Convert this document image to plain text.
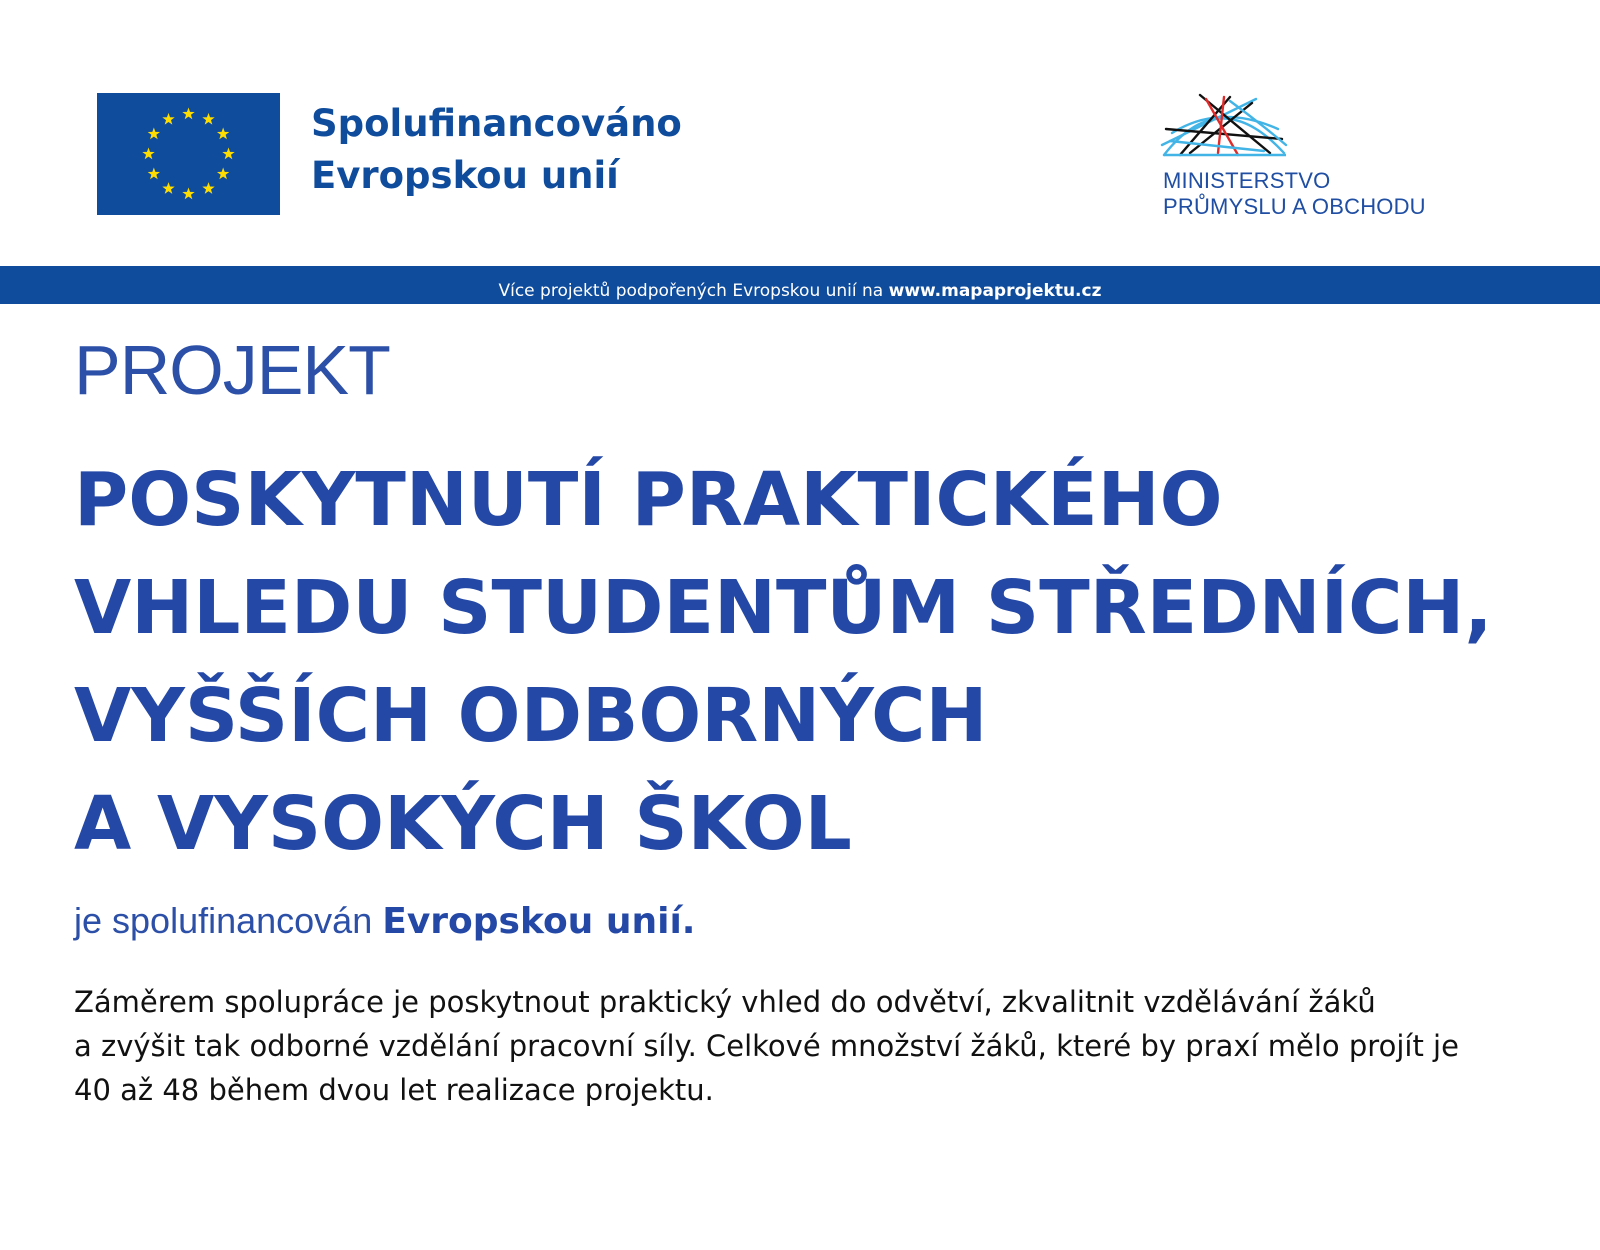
Spolufinancováno
Evropskou unií	MINISTERSTVO
PRŮMYSLU A OBCHODU
Více projektů podpořených Evropskou unií na
www.mapaprojektu.cz
PROJEKT
POSKYTNUTÍ PRAKTICKÉHO
VHLEDU STUDENTŮM STŘEDNÍCH,
VYŠŠÍCH ODBORNÝCH
A VYSOKÝCH ŠKOL
je spolufinancován Evropskou unií.
Záměrem spolupráce je poskytnout praktický vhled do odvětví, zkvalitnit vzdělávání žáků
a zvýšit tak odborné vzdělání pracovní síly. Celkové množství žáků, které by praxí mělo projít je
40 až 48 během dvou let realizace projektu.
